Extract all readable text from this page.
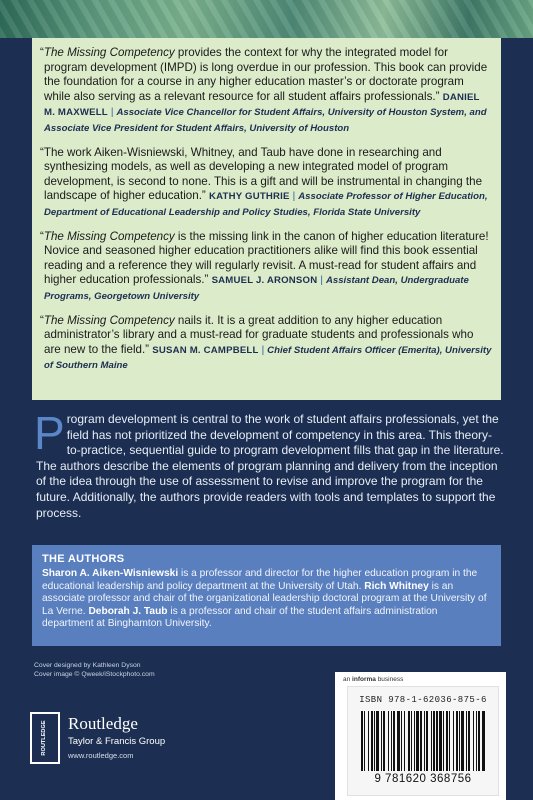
“The Missing Competency provides the context for why the integrated model for program development (IMPD) is long overdue in our profession. This book can provide the foundation for a course in any higher education master’s or doctorate program while also serving as a relevant resource for all student affairs professionals.” DANIEL M. MAXWELL | Associate Vice Chancellor for Student Affairs, University of Houston System, and Associate Vice President for Student Affairs, University of Houston

“The work Aiken-Wisniewski, Whitney, and Taub have done in researching and synthesizing models, as well as developing a new integrated model of program development, is second to none. This is a gift and will be instrumental in changing the landscape of higher education.” KATHY GUTHRIE | Associate Professor of Higher Education, Department of Educational Leadership and Policy Studies, Florida State University

“The Missing Competency is the missing link in the canon of higher education literature! Novice and seasoned higher education practitioners alike will find this book essential reading and a reference they will regularly revisit. A must-read for student affairs and higher education professionals.” SAMUEL J. ARONSON | Assistant Dean, Undergraduate Programs, Georgetown University

“The Missing Competency nails it. It is a great addition to any higher education administrator’s library and a must-read for graduate students and professionals who are new to the field.” SUSAN M. CAMPBELL | Chief Student Affairs Officer (Emerita), University of Southern Maine

Program development is central to the work of student affairs professionals, yet the field has not prioritized the development of competency in this area. This theory-to-practice, sequential guide to program development fills that gap in the literature. The authors describe the elements of program planning and delivery from the inception of the idea through the use of assessment to revise and improve the program for the future. Additionally, the authors provide readers with tools and templates to support the process.
THE AUTHORS

Sharon A. Aiken-Wisniewski is a professor and director for the higher education program in the educational leadership and policy department at the University of Utah. Rich Whitney is an associate professor and chair of the organizational leadership doctoral program at the University of La Verne. Deborah J. Taub is a professor and chair of the student affairs administration department at Binghamton University.

Cover designed by Kathleen Dyson
Cover image © Qweek/iStockphoto.com
ROUTLEDGE Routledge
Taylor & Francis Group
www.routledge.com
an informa business
ISBN 978-1-62036-875-6
9 781620 368756
